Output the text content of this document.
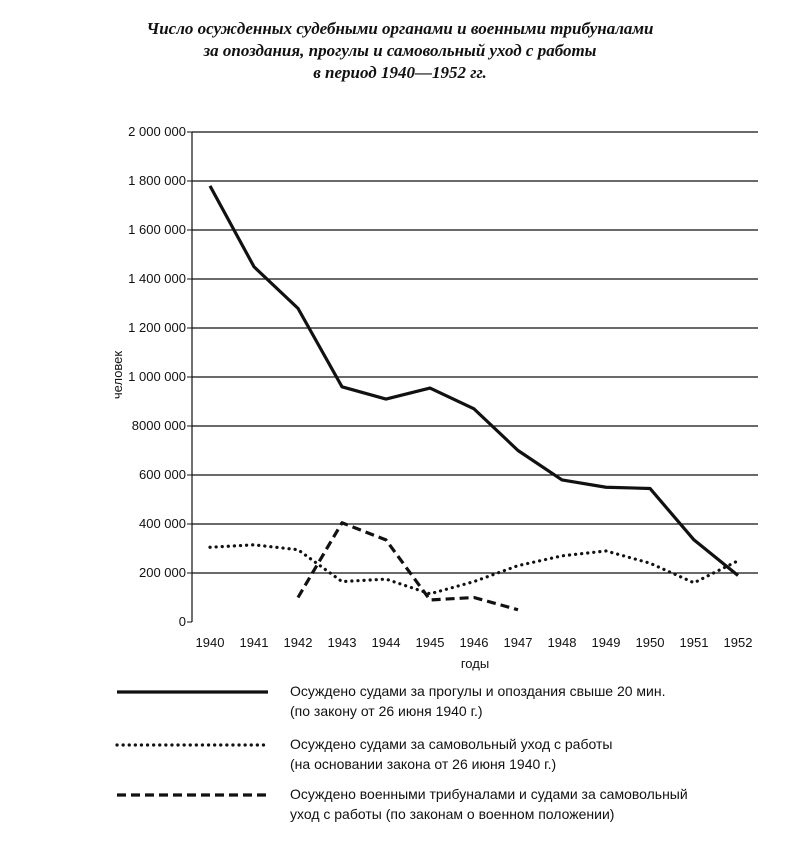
Число осужденных судебными органами и военными трибуналами
за опоздания, прогулы и самовольный уход с работы
в период 1940—1952 гг.
0
200 000
400 000
600 000
8000 000
1 000 000
1 200 000
1 400 000
1 600 000
1 800 000
2 000 000
1940 1941 1942 1943 1944 1945 1946 1947 1948 1949 1950 1951 1952
человек
годы
Осуждено судами за прогулы и опоздания свыше 20 мин.
(по закону от 26 июня 1940 г.)
Осуждено судами за самовольный уход с работы
(на основании закона от 26 июня 1940 г.)
Осуждено военными трибуналами и судами за самовольный
уход с работы (по законам о военном положении)
